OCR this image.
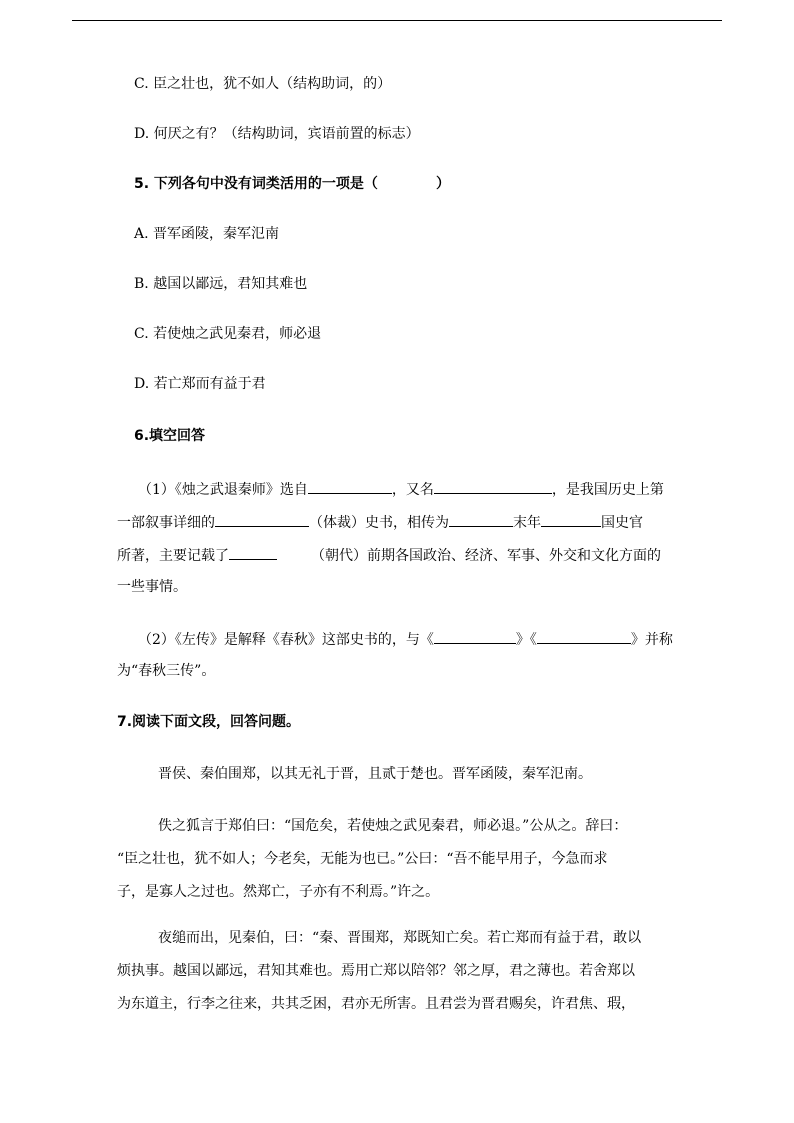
C. 臣之壮也，犹不如人（结构助词，的）
D. 何厌之有？（结构助词，宾语前置的标志）
5. 下列各句中没有词类活用的一项是（	）
A. 晋军函陵，秦军氾南
B. 越国以鄙远，君知其难也
C. 若使烛之武见秦君，师必退
D. 若亡郑而有益于君
6.填空回答
（1）《烛之武退秦师》选自	，又名	，是我国历史上第
一部叙事详细的	（体裁）史书，相传为	末年	国史官
所著，主要记载了	（朝代）前期各国政治、经济、军事、外交和文化方面的
一些事情。
（2）《左传》是解释《春秋》这部史书的，与《	》《	》并称
为“春秋三传”。
7.阅读下面文段，回答问题。
晋侯、秦伯围郑，以其无礼于晋，且贰于楚也。晋军函陵，秦军氾南。
佚之狐言于郑伯曰：“国危矣，若使烛之武见秦君，师必退。”公从之。辞曰：
“臣之壮也，犹不如人；今老矣，无能为也已。”公曰：“吾不能早用子，今急而求
子，是寡人之过也。然郑亡，子亦有不利焉。”许之。
夜缒而出，见秦伯，曰：“秦、晋围郑，郑既知亡矣。若亡郑而有益于君，敢以
烦执事。越国以鄙远，君知其难也。焉用亡郑以陪邻？邻之厚，君之薄也。若舍郑以
为东道主，行李之往来，共其乏困，君亦无所害。且君尝为晋君赐矣，许君焦、瑕，
